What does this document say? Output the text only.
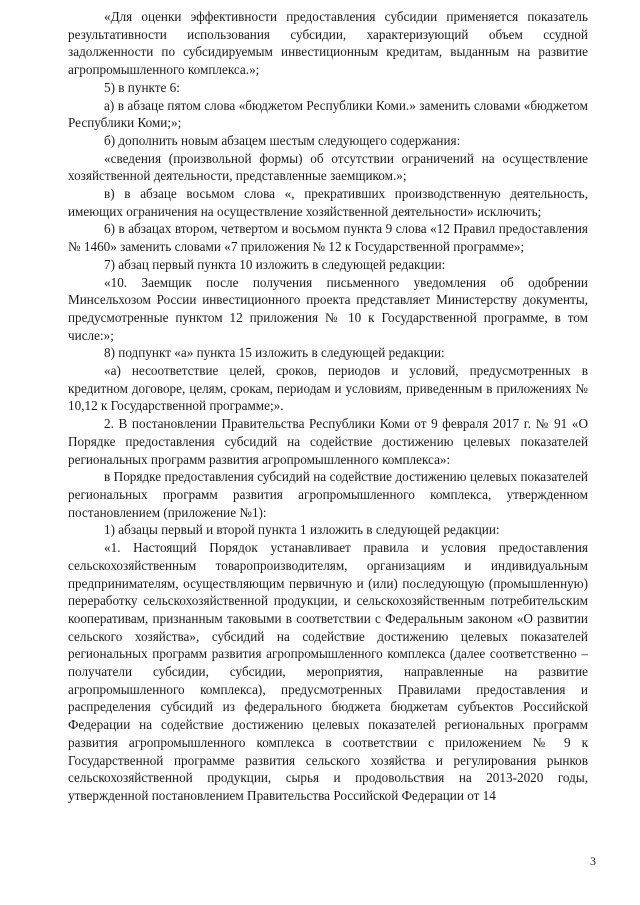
«Для оценки эффективности предоставления субсидии применяется показатель результативности использования субсидии, характеризующий объем ссудной задолженности по субсидируемым инвестиционным кредитам, выданным на развитие агропромышленного комплекса.»;

5) в пункте 6:

а) в абзаце пятом слова «бюджетом Республики Коми.» заменить словами «бюджетом Республики Коми;»;

б) дополнить новым абзацем шестым следующего содержания:

«сведения (произвольной формы) об отсутствии ограничений на осуществление хозяйственной деятельности, представленные заемщиком.»;

в) в абзаце восьмом слова «, прекративших производственную деятельность, имеющих ограничения на осуществление хозяйственной деятельности» исключить;

6) в абзацах втором, четвертом и восьмом пункта 9 слова «12 Правил предоставления № 1460» заменить словами «7 приложения № 12 к Государственной программе»;

7) абзац первый пункта 10 изложить в следующей редакции:

«10. Заемщик после получения письменного уведомления об одобрении Минсельхозом России инвестиционного проекта представляет Министерству документы, предусмотренные пунктом 12 приложения № 10 к Государственной программе, в том числе:»;

8) подпункт «а» пункта 15 изложить в следующей редакции:

«а) несоответствие целей, сроков, периодов и условий, предусмотренных в кредитном договоре, целям, срокам, периодам и условиям, приведенным в приложениях № 10,12 к Государственной программе;».

2. В постановлении Правительства Республики Коми от 9 февраля 2017 г. № 91 «О Порядке предоставления субсидий на содействие достижению целевых показателей региональных программ развития агропромышленного комплекса»:

в Порядке предоставления субсидий на содействие достижению целевых показателей региональных программ развития агропромышленного комплекса, утвержденном постановлением (приложение №1):

1) абзацы первый и второй пункта 1 изложить в следующей редакции:

«1. Настоящий Порядок устанавливает правила и условия предоставления сельскохозяйственным товаропроизводителям, организациям и индивидуальным предпринимателям, осуществляющим первичную и (или) последующую (промышленную) переработку сельскохозяйственной продукции, и сельскохозяйственным потребительским кооперативам, признанным таковыми в соответствии с Федеральным законом «О развитии сельского хозяйства», субсидий на содействие достижению целевых показателей региональных программ развития агропромышленного комплекса (далее соответственно – получатели субсидии, субсидии, мероприятия, направленные на развитие агропромышленного комплекса), предусмотренных Правилами предоставления и распределения субсидий из федерального бюджета бюджетам субъектов Российской Федерации на содействие достижению целевых показателей региональных программ развития агропромышленного комплекса в соответствии с приложением № 9 к Государственной программе развития сельского хозяйства и регулирования рынков сельскохозяйственной продукции, сырья и продовольствия на 2013-2020 годы, утвержденной постановлением Правительства Российской Федерации от 14

3
